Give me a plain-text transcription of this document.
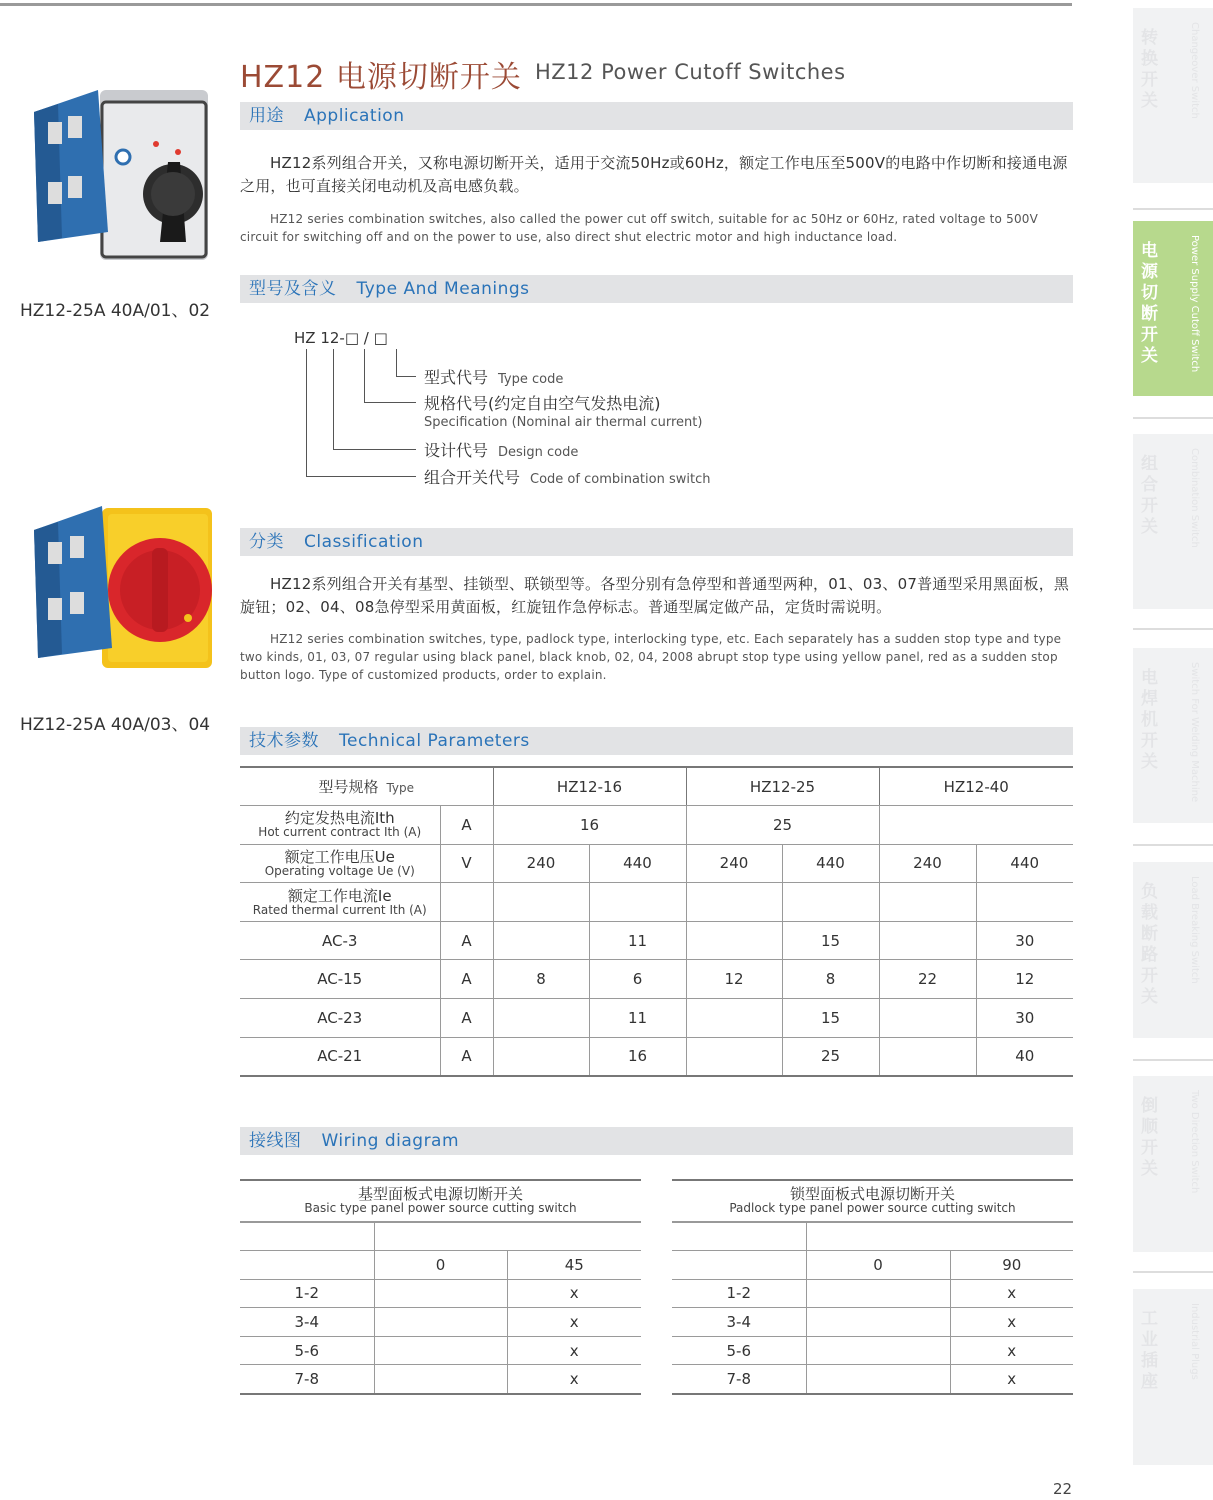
HZ12 电源切断开关 HZ12 Power Cutoff Switches
HZ12-25A 40A/01、02
HZ12-25A 40A/03、04
用途 Application
HZ12系列组合开关，又称电源切断开关，适用于交流50Hz或60Hz，额定工作电压至500V的电路中作切断和接通电源之用，也可直接关闭电动机及高电感负载。
HZ12 series combination switches, also called the power cut off switch, suitable for ac 50Hz or 60Hz, rated voltage to 500V circuit for switching off and on the power to use, also direct shut electric motor and high inductance load.
型号及含义 Type And Meanings
HZ 12-□ / □
型式代号 Type code
规格代号(约定自由空气发热电流)
Specification (Nominal air thermal current)
设计代号 Design code
组合开关代号 Code of combination switch
分类 Classification
HZ12系列组合开关有基型、挂锁型、联锁型等。各型分别有急停型和普通型两种，01、03、07普通型采用黑面板，黑旋钮；02、04、08急停型采用黄面板，红旋钮作急停标志。普通型属定做产品，定货时需说明。
HZ12 series combination switches, type, padlock type, interlocking type, etc. Each separately has a sudden stop type and type two kinds, 01, 03, 07 regular using black panel, black knob, 02, 04, 2008 abrupt stop type using yellow panel, red as a sudden stop button logo. Type of customized products, order to explain.
技术参数 Technical Parameters
型号规格 Type		HZ12-16		HZ12-25		HZ12-40	

约定发热电流Ith
Hot current contract Ith (A)	A	16		25			

额定工作电压Ue
Operating voltage Ue (V)	V	240	440	240	440	240	440

额定工作电流Ie
Rated thermal current Ith (A)							

AC-3	A		11		15		30
AC-15	A	8	6	12	8	22	12
AC-23	A		11		15		30
AC-21	A		16		25		40
接线图 Wiring diagram
基型面板式电源切断开关
Basic type panel power source cutting switch		

	0	45
1-2		x
3-4		x
5-6		x
7-8		x
锁型面板式电源切断开关
Padlock type panel power source cutting switch		

	0	90
1-2		x
3-4		x
5-6		x
7-8		x
转换开关	Changeover Switch
电源切断开关	Power Supply Cutoff Switch
组合开关	Combination Switch
电焊机开关	Switch For Welding Machine
负载断路开关
Load Breaking Switch
倒顺开关	Two Direction Switch
工业插座
Industrial Plugs
22
